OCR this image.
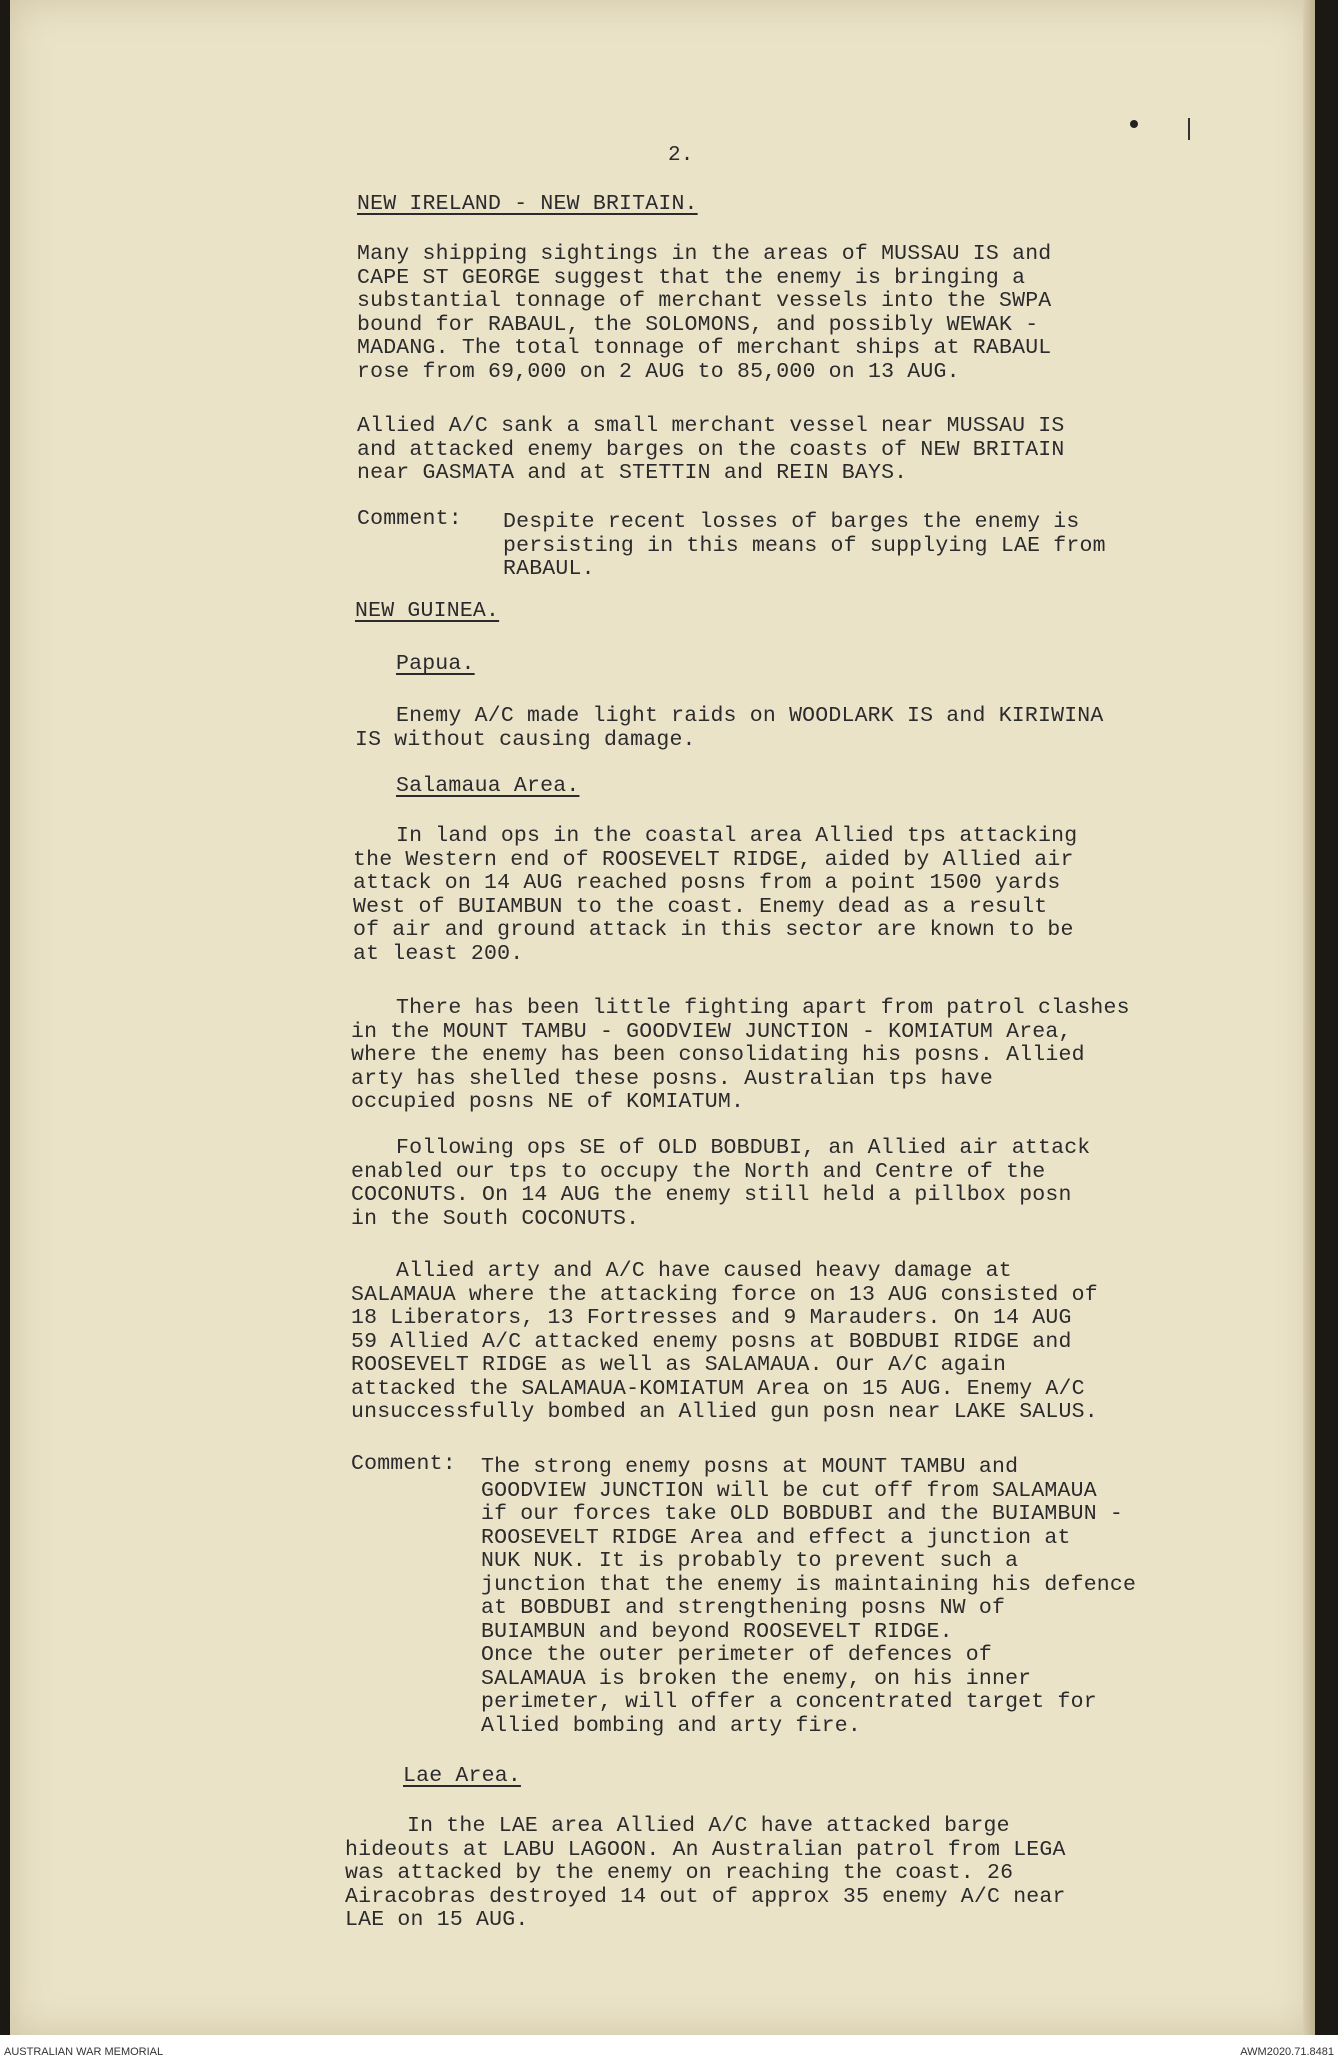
2.
NEW IRELAND - NEW BRITAIN.
Many shipping sightings in the areas of MUSSAU IS and
CAPE ST GEORGE suggest that the enemy is bringing a
substantial tonnage of merchant vessels into the SWPA
bound for RABAUL, the SOLOMONS, and possibly WEWAK -
MADANG. The total tonnage of merchant ships at RABAUL
rose from 69,000 on 2 AUG to 85,000 on 13 AUG.
Allied A/C sank a small merchant vessel near MUSSAU IS
and attacked enemy barges on the coasts of NEW BRITAIN
near GASMATA and at STETTIN and REIN BAYS.
Comment: Despite recent losses of barges the enemy is
persisting in this means of supplying LAE from
RABAUL.
NEW GUINEA.
Papua.
Enemy A/C made light raids on WOODLARK IS and KIRIWINA
IS without causing damage.
Salamaua Area.
In land ops in the coastal area Allied tps attacking
the Western end of ROOSEVELT RIDGE, aided by Allied air
attack on 14 AUG reached posns from a point 1500 yards
West of BUIAMBUN to the coast. Enemy dead as a result
of air and ground attack in this sector are known to be
at least 200.
There has been little fighting apart from patrol clashes
in the MOUNT TAMBU - GOODVIEW JUNCTION - KOMIATUM Area,
where the enemy has been consolidating his posns. Allied
arty has shelled these posns. Australian tps have
occupied posns NE of KOMIATUM.
Following ops SE of OLD BOBDUBI, an Allied air attack
enabled our tps to occupy the North and Centre of the
COCONUTS. On 14 AUG the enemy still held a pillbox posn
in the South COCONUTS.
Allied arty and A/C have caused heavy damage at
SALAMAUA where the attacking force on 13 AUG consisted of
18 Liberators, 13 Fortresses and 9 Marauders. On 14 AUG
59 Allied A/C attacked enemy posns at BOBDUBI RIDGE and
ROOSEVELT RIDGE as well as SALAMAUA. Our A/C again
attacked the SALAMAUA-KOMIATUM Area on 15 AUG. Enemy A/C
unsuccessfully bombed an Allied gun posn near LAKE SALUS.
Comment: The strong enemy posns at MOUNT TAMBU and
GOODVIEW JUNCTION will be cut off from SALAMAUA
if our forces take OLD BOBDUBI and the BUIAMBUN -
ROOSEVELT RIDGE Area and effect a junction at
NUK NUK. It is probably to prevent such a
junction that the enemy is maintaining his defence
at BOBDUBI and strengthening posns NW of
BUIAMBUN and beyond ROOSEVELT RIDGE.
Once the outer perimeter of defences of
SALAMAUA is broken the enemy, on his inner
perimeter, will offer a concentrated target for
Allied bombing and arty fire.
Lae Area.
In the LAE area Allied A/C have attacked barge
hideouts at LABU LAGOON. An Australian patrol from LEGA
was attacked by the enemy on reaching the coast. 26
Airacobras destroyed 14 out of approx 35 enemy A/C near
LAE on 15 AUG.
AUSTRALIAN WAR MEMORIAL	AWM2020.71.8481
